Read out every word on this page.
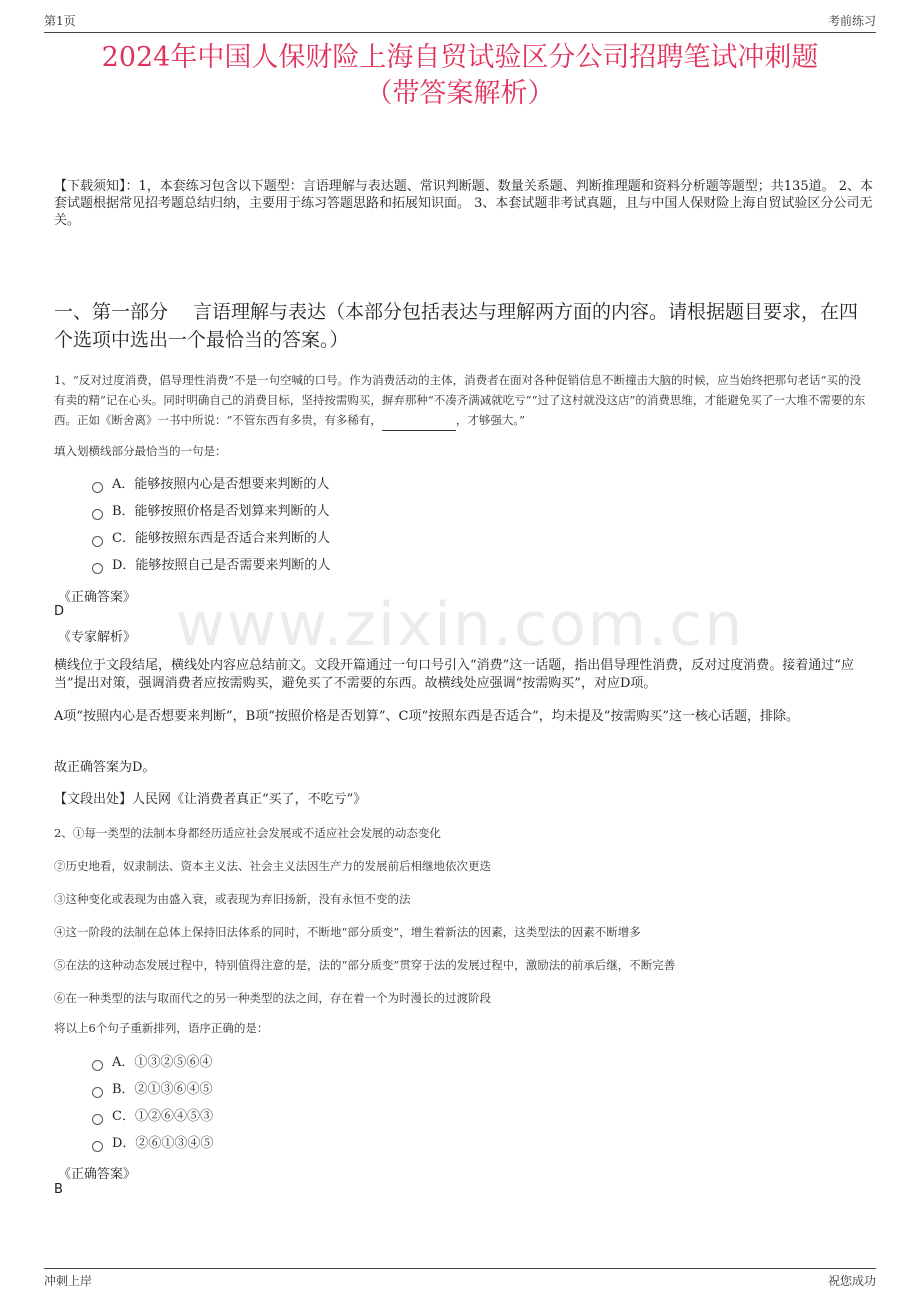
第1页	考前练习
2024年中国人保财险上海自贸试验区分公司招聘笔试冲刺题
（带答案解析）
【下载须知】：1，本套练习包含以下题型：言语理解与表达题、常识判断题、数量关系题、判断推理题和资料分析题等题型；共135道。 2、本套试题根据常见招考题总结归纳，主要用于练习答题思路和拓展知识面。 3、本套试题非考试真题，且与中国人保财险上海自贸试验区分公司无关。
一、第一部分　 言语理解与表达（本部分包括表达与理解两方面的内容。请根据题目要求，在四个选项中选出一个最恰当的答案。）
1、“反对过度消费，倡导理性消费”不是一句空喊的口号。作为消费活动的主体，消费者在面对各种促销信息不断撞击大脑的时候，应当始终把那句老话“买的没有卖的精”记在心头。同时明确自己的消费目标，坚持按需购买，摒弃那种“不凑齐满减就吃亏”“过了这村就没这店”的消费思维，才能避免买了一大堆不需要的东西。正如《断舍离》一书中所说：“不管东西有多贵，有多稀有，	，才够强大。”
填入划横线部分最恰当的一句是：
A．能够按照内心是否想要来判断的人
B．能够按照价格是否划算来判断的人
C．能够按照东西是否适合来判断的人
D．能够按照自己是否需要来判断的人
《正确答案》
D
《专家解析》 www.zixin.com.cn
横线位于文段结尾，横线处内容应总结前文。文段开篇通过一句口号引入“消费”这一话题，指出倡导理性消费，反对过度消费。接着通过“应当”提出对策，强调消费者应按需购买，避免买了不需要的东西。故横线处应强调“按需购买”，对应D项。
A项“按照内心是否想要来判断”，B项“按照价格是否划算”、C项“按照东西是否适合”，均未提及“按需购买”这一核心话题，排除。
故正确答案为D。
【文段出处】人民网《让消费者真正“买了，不吃亏”》
2、①每一类型的法制本身都经历适应社会发展或不适应社会发展的动态变化
②历史地看，奴隶制法、资本主义法、社会主义法因生产力的发展前后相继地依次更迭
③这种变化或表现为由盛入衰，或表现为弃旧扬新，没有永恒不变的法
④这一阶段的法制在总体上保持旧法体系的同时，不断地“部分质变”，增生着新法的因素，这类型法的因素不断增多
⑤在法的这种动态发展过程中，特别值得注意的是，法的“部分质变”贯穿于法的发展过程中，激励法的前承后继，不断完善
⑥在一种类型的法与取而代之的另一种类型的法之间，存在着一个为时漫长的过渡阶段
将以上6个句子重新排列，语序正确的是：
A．①③②⑤⑥④
B．②①③⑥④⑤
C．①②⑥④⑤③
D．②⑥①③④⑤
《正确答案》
B
冲刺上岸	祝您成功
